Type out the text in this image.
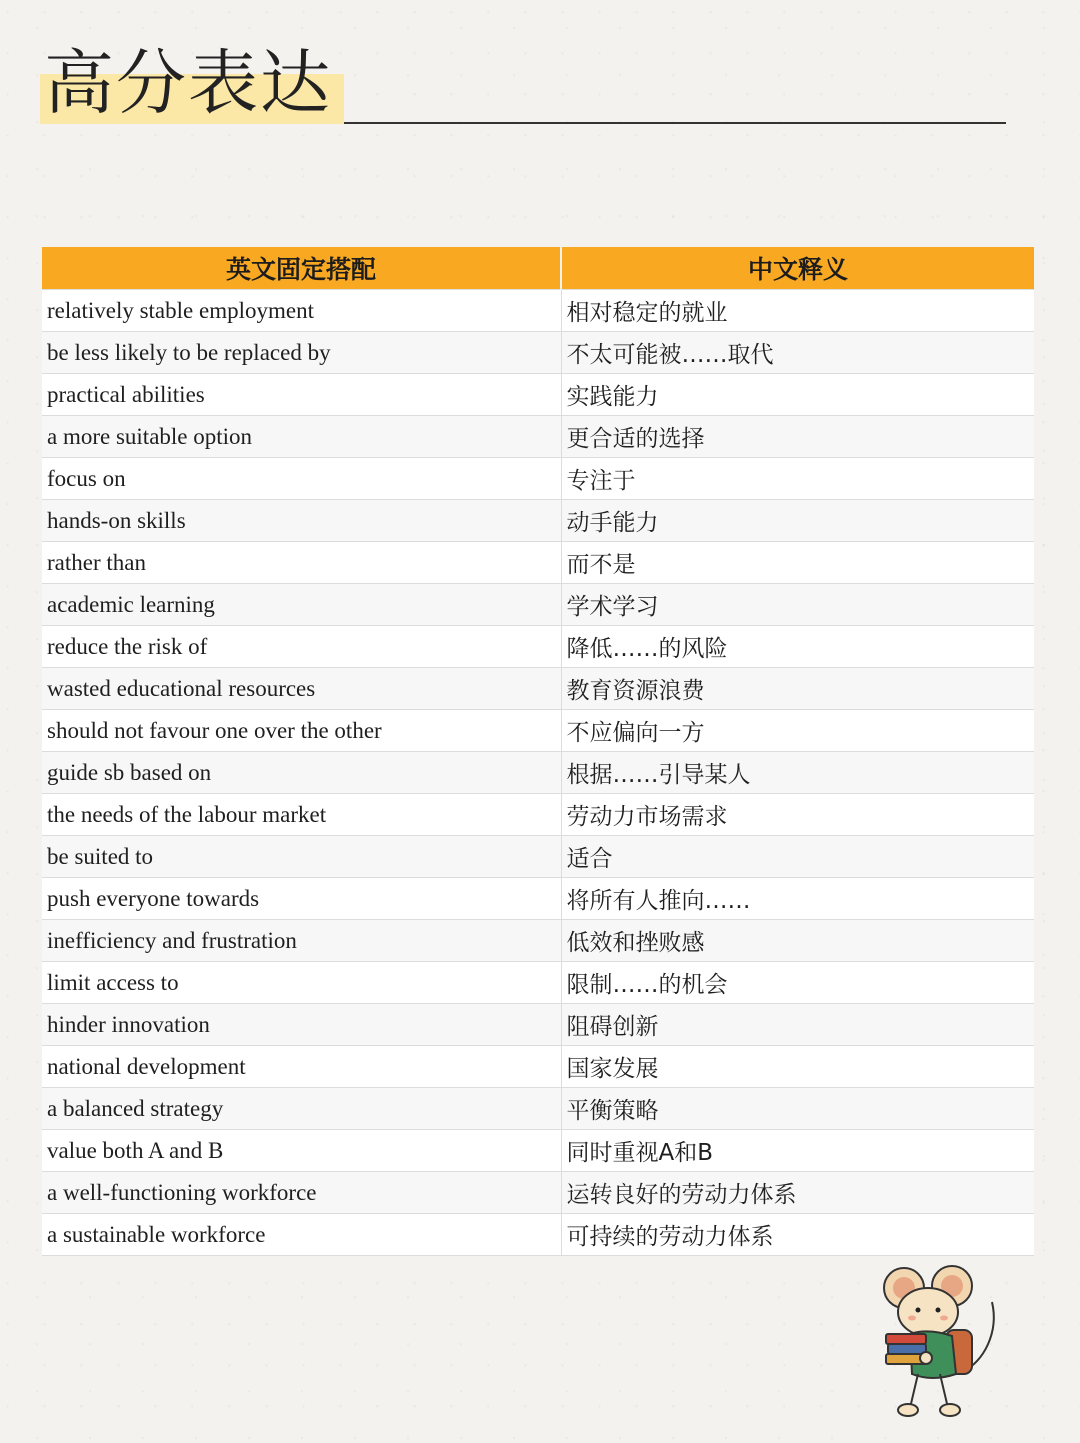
高分表达
英文固定搭配	中文释义
relatively stable employment	相对稳定的就业
be less likely to be replaced by	不太可能被……取代
practical abilities	实践能力
a more suitable option	更合适的选择
focus on	专注于
hands-on skills	动手能力
rather than	而不是
academic learning	学术学习
reduce the risk of	降低……的风险
wasted educational resources	教育资源浪费
should not favour one over the other	不应偏向一方
guide sb based on	根据……引导某人
the needs of the labour market	劳动力市场需求
be suited to	适合
push everyone towards	将所有人推向……
inefficiency and frustration	低效和挫败感
limit access to	限制……的机会
hinder innovation	阻碍创新
national development	国家发展
a balanced strategy	平衡策略
value both A and B	同时重视A和B
a well-functioning workforce	运转良好的劳动力体系
a sustainable workforce	可持续的劳动力体系
